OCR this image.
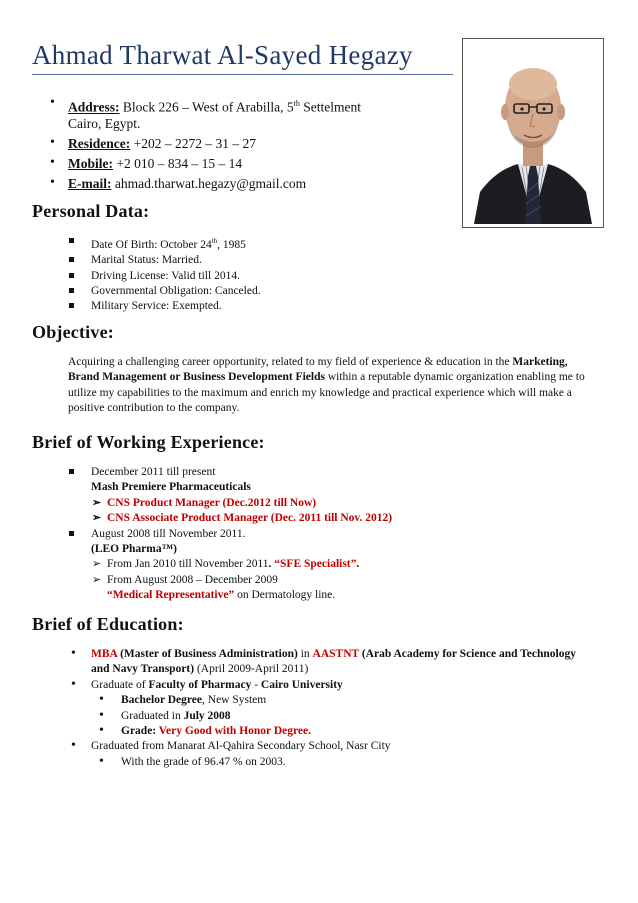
Ahmad Tharwat Al-Sayed Hegazy
• Address: Block 226 – West of Arabilla, 5th Settelment
Cairo, Egypt.
• Residence: +202 – 2272 – 31 – 27
• Mobile: +2 010 – 834 – 15 – 14
• E-mail: ahmad.tharwat.hegazy@gmail.com
Personal Data:
Date Of Birth: October 24th, 1985
Marital Status: Married.
Driving License: Valid till 2014.
Governmental Obligation: Canceled.
Military Service: Exempted.
Objective:

Acquiring a challenging career opportunity, related to my field of experience & education in the Marketing, Brand Management or Business Development Fields within a reputable dynamic organization enabling me to utilize my capabilities to the maximum and enrich my knowledge and practical experience which will make a positive contribution to the company.

Brief of Working Experience:
December 2011 till present
Mash Premiere Pharmaceuticals
➢ CNS Product Manager (Dec.2012 till Now)
➢ CNS Associate Product Manager (Dec. 2011 till Nov. 2012)
August 2008 till November 2011.
(LEO Pharma™)
➢ From Jan 2010 till November 2011. “SFE Specialist”.
➢ From August 2008 – December 2009
“Medical Representative” on Dermatology line.
Brief of Education:
• MBA (Master of Business Administration) in AASTNT (Arab Academy for Science and Technology and Navy Transport) (April 2009-April 2011)
• Graduate of Faculty of Pharmacy - Cairo University
• Bachelor Degree, New System
• Graduated in July 2008
• Grade: Very Good with Honor Degree.
• Graduated from Manarat Al-Qahira Secondary School, Nasr City
• With the grade of 96.47 % on 2003.
